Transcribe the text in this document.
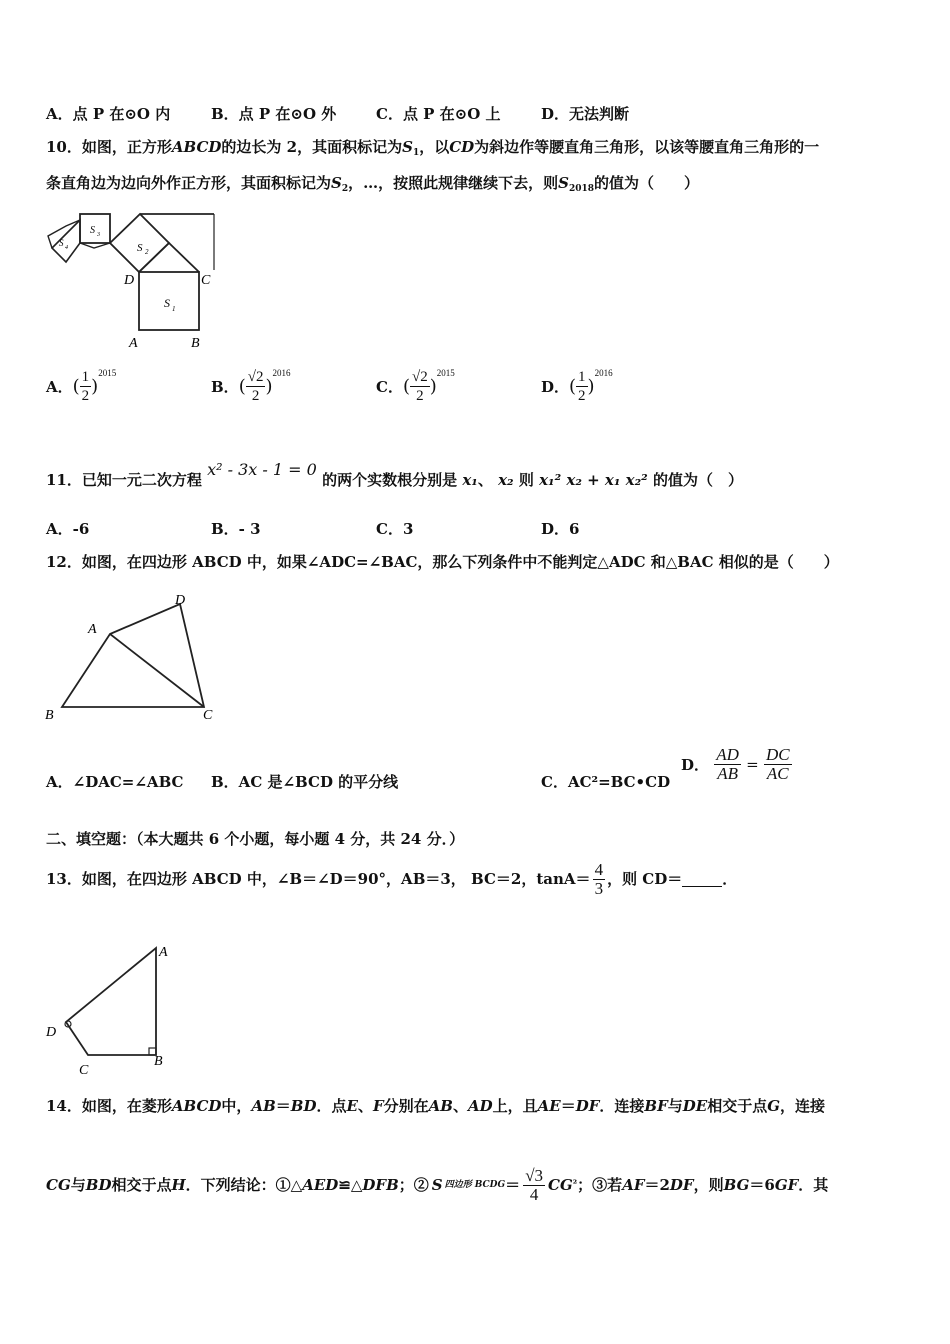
A．点 P 在⊙O 内	B．点 P 在⊙O 外	C．点 P 在⊙O 上	D．无法判断
10．如图，正方形ABCD的边长为 2，其面积标记为$S_1$，以CD为斜边作等腰直角三角形，以该等腰直角三角形的一
条直角边为边向外作正方形，其面积标记为$S_2$，…，按照此规律继续下去，则$S_{2018}$的值为（　　）
S 1
S 2
S 3
S 4
D	C
A	B
A．( $\frac{1}{2} )^{2015}$
B．( $\frac{√2}{2} )^{2016}$
C．( $\frac{√2}{2} )^{2015}$
D．( $\frac{1}{2} )^{2016}$
11．已知一元二次方程 x² - 3x - 1 = 0 的两个实数根分别是 x₁、 x₂ 则 x₁² x₂ + x₁ x₂² 的值为（　）
A．-6	B．- 3	C．3	D．6
12．如图，在四边形 ABCD 中，如果∠ADC=∠BAC，那么下列条件中不能判定△ADC 和△BAC 相似的是（　　）
A
D
B	C
A．∠DAC=∠ABC B．AC 是∠BCD 的平分线	C．AC²=BC•CD
D． $\frac{AD}{AB} = \frac{DC}{AC}$
二、填空题：（本大题共 6 个小题，每小题 4 分，共 24 分．）
13．如图，在四边形 ABCD 中，∠B＝∠D＝90°，AB＝3， BC＝2，$\tan A= \frac{4}{3}$ ，则 CD＝	．
A
D
B
C
14．如图，在菱形ABCD中，AB＝BD．点E、F分别在AB、AD上，且AE＝DF．连接BF与DE相交于点G，连接
CG 与 BD 相交于点 H ．下列结论：①△ AED ≌△ DFB ；② S 四边形 BCDG ＝ $\frac{√3}{4}$ CG ² ；③若 AF ＝2 DF ，则 BG ＝6 GF ．其
